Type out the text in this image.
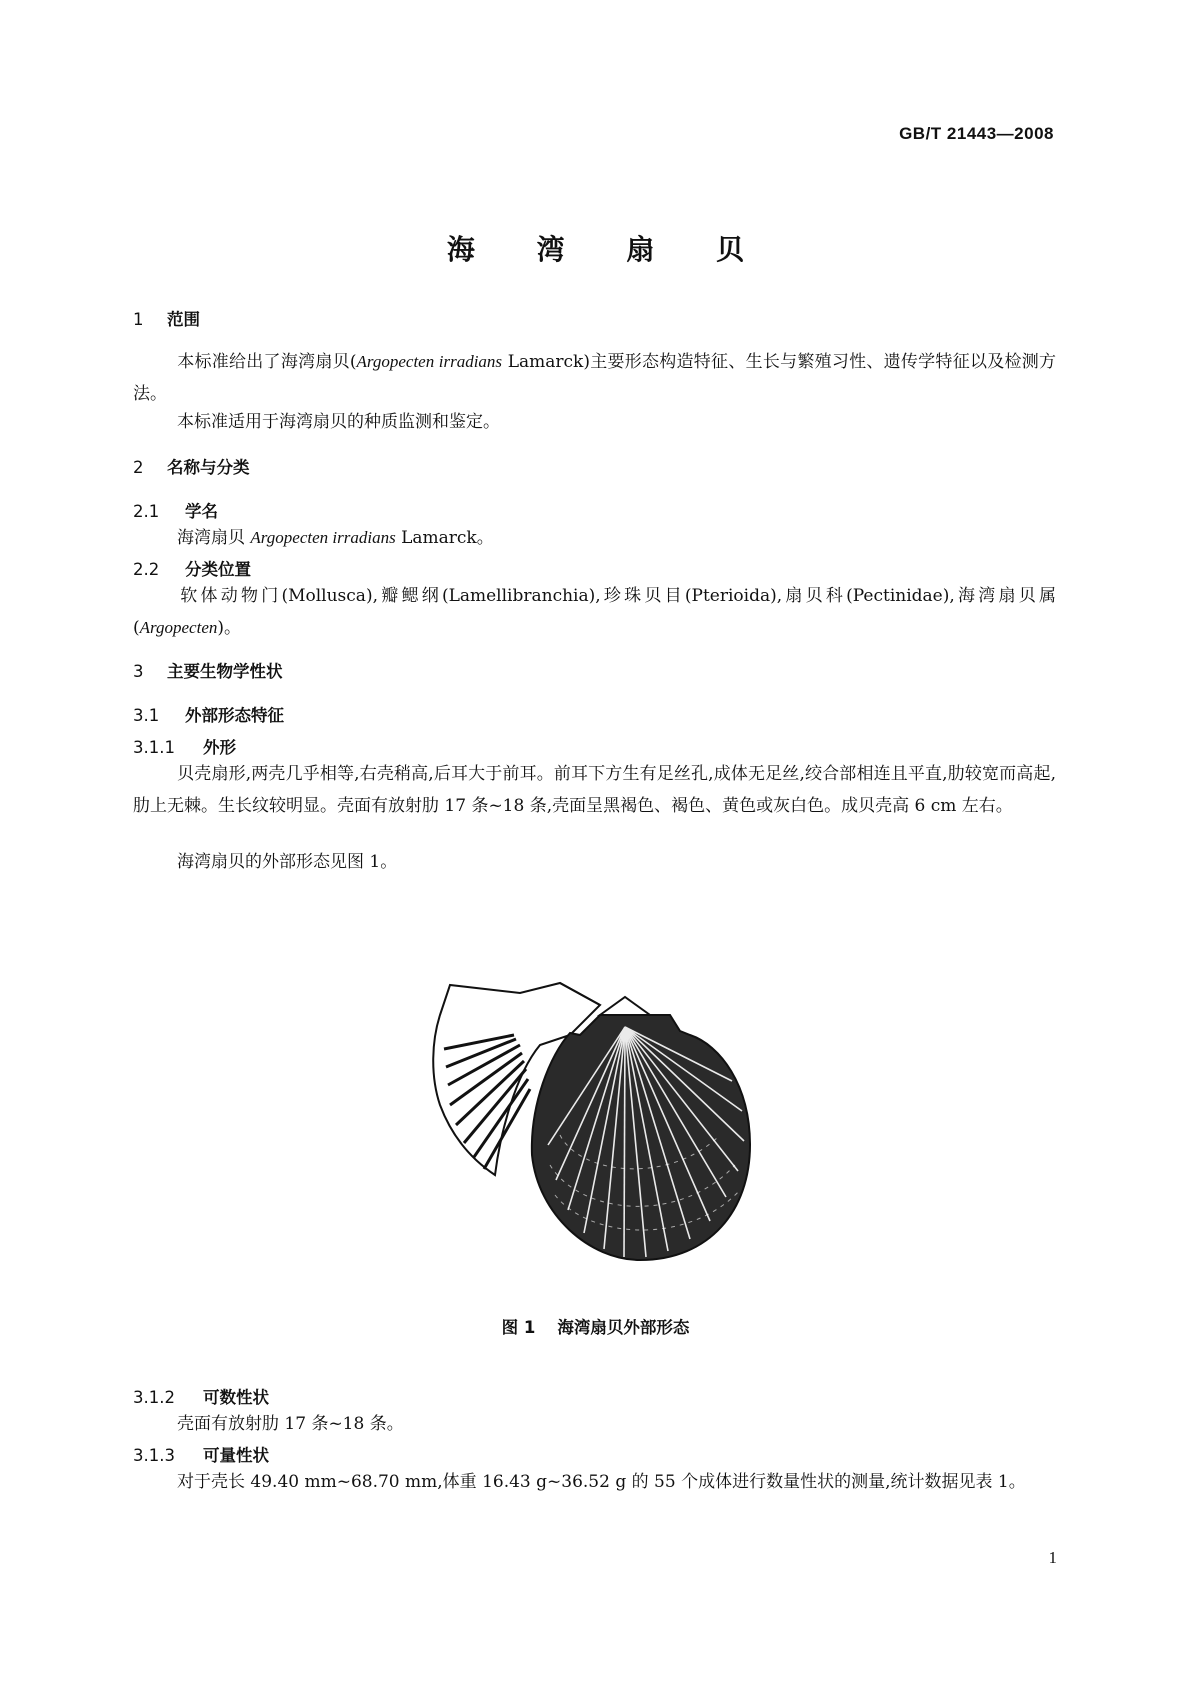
GB/T 21443—2008
海 湾 扇 贝
1 范围
本标准给出了海湾扇贝(Argopecten irradians Lamarck)主要形态构造特征、生长与繁殖习性、遗传学特征以及检测方法。
本标准适用于海湾扇贝的种质监测和鉴定。
2 名称与分类
2.1 学名
海湾扇贝 Argopecten irradians Lamarck。
2.2 分类位置
软体动物门(Mollusca),瓣鳃纲(Lamellibranchia),珍珠贝目(Pterioida),扇贝科(Pectinidae),海湾扇贝属(Argopecten)。
3 主要生物学性状
3.1 外部形态特征
3.1.1 外形
贝壳扇形,两壳几乎相等,右壳稍高,后耳大于前耳。前耳下方生有足丝孔,成体无足丝,绞合部相连且平直,肋较宽而高起,肋上无棘。生长纹较明显。壳面有放射肋 17 条~18 条,壳面呈黑褐色、褐色、黄色或灰白色。成贝壳高 6 cm 左右。
海湾扇贝的外部形态见图 1。
图 1 海湾扇贝外部形态
3.1.2 可数性状
壳面有放射肋 17 条~18 条。
3.1.3 可量性状
对于壳长 49.40 mm~68.70 mm,体重 16.43 g~36.52 g 的 55 个成体进行数量性状的测量,统计数据见表 1。
1
